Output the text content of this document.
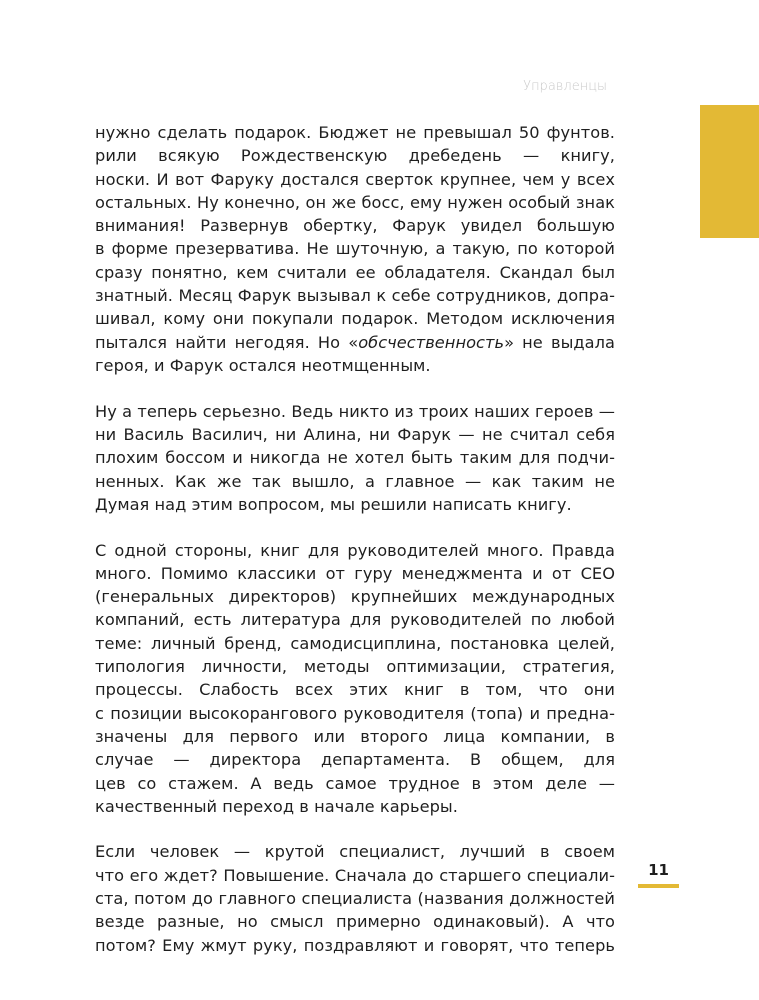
Управленцы
нужно сделать подарок. Бюджет не превышал 50 фунтов.
рили всякую Рождественскую дребедень — книгу,
носки. И вот Фаруку достался сверток крупнее, чем у всех
остальных. Ну конечно, он же босс, ему нужен особый знак
внимания! Развернув обертку, Фарук увидел большую
в форме презерватива. Не шуточную, а такую, по которой
сразу понятно, кем считали ее обладателя. Скандал был
знатный. Месяц Фарук вызывал к себе сотрудников, допра-
шивал, кому они покупали подарок. Методом исключения
пытался найти негодяя. Но «обсчественность» не выдала
героя, и Фарук остался неотмщенным.
Ну а теперь серьезно. Ведь никто из троих наших героев —
ни Василь Василич, ни Алина, ни Фарук — не считал себя
плохим боссом и никогда не хотел быть таким для подчи-
ненных. Как же так вышло, а главное — как таким не
Думая над этим вопросом, мы решили написать книгу.
С одной стороны, книг для руководителей много. Правда
много. Помимо классики от гуру менеджмента и от CEO
(генеральных директоров) крупнейших международных
компаний, есть литература для руководителей по любой
теме: личный бренд, самодисциплина, постановка целей,
типология личности, методы оптимизации, стратегия,
процессы. Слабость всех этих книг в том, что они
с позиции высокорангового руководителя (топа) и предна-
значены для первого или второго лица компании, в
случае — директора департамента. В общем, для
цев со стажем. А ведь самое трудное в этом деле —
качественный переход в начале карьеры.
Если человек — крутой специалист, лучший в своем
что его ждет? Повышение. Сначала до старшего специали-
ста, потом до главного специалиста (названия должностей
везде разные, но смысл примерно одинаковый). А что
потом? Ему жмут руку, поздравляют и говорят, что теперь
11
